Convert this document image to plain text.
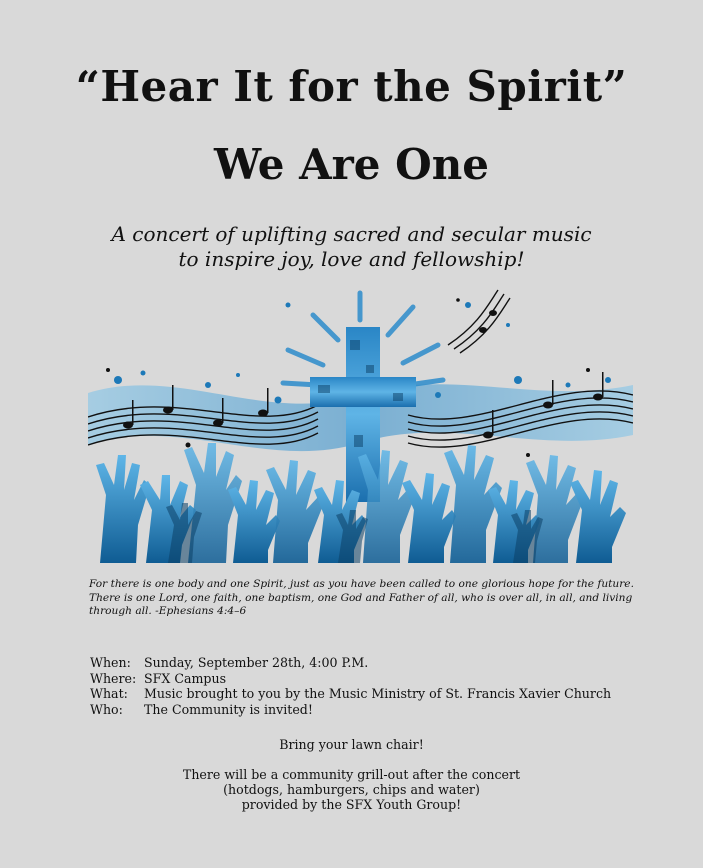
“Hear It for the Spirit”
We Are One
A concert of uplifting sacred and secular music
to inspire joy, love and fellowship!
For there is one body and one Spirit, just as you have been called to one glorious hope for the future. There is one Lord, one faith, one baptism, one God and Father of all, who is over all, in all, and living through all. -Ephesians 4:4–6
When:	Sunday, September 28th, 4:00 P.M.
Where: SFX Campus
What:	Music brought to you by the Music Ministry of St. Francis Xavier Church
Who:	The Community is invited!
Bring your lawn chair!
There will be a community grill-out after the concert
(hotdogs, hamburgers, chips and water)
provided by the SFX Youth Group!
